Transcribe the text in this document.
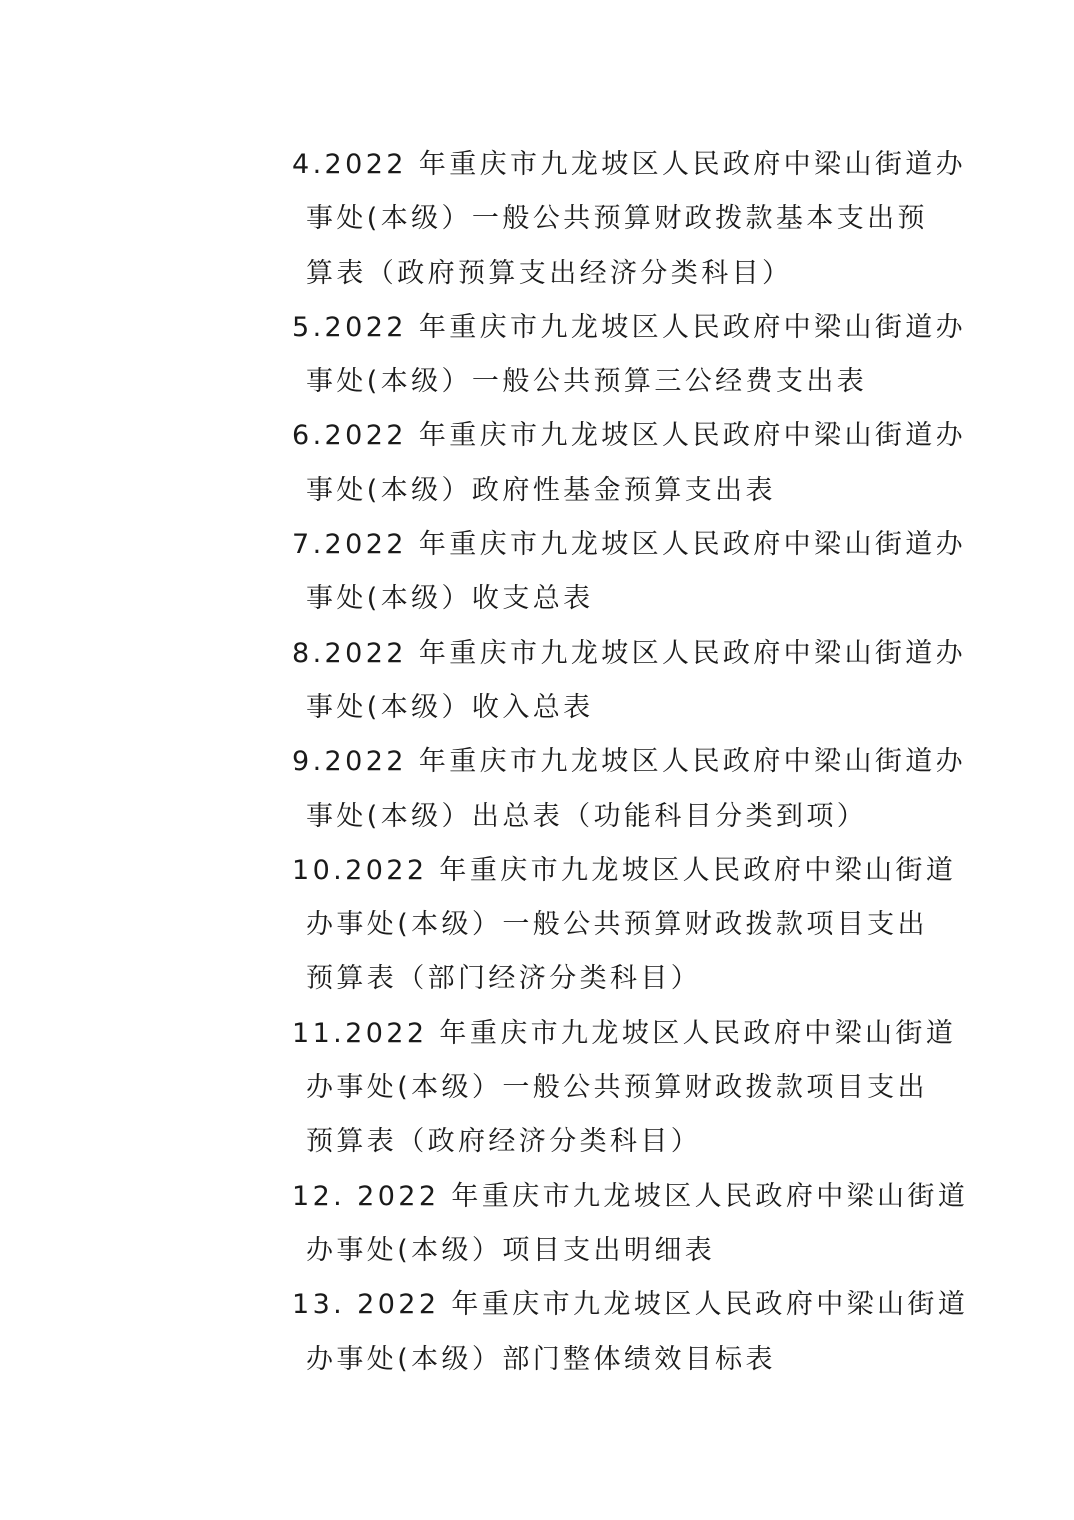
4.2022 年重庆市九龙坡区人民政府中梁山街道办
事处(本级）一般公共预算财政拨款基本支出预
算表（政府预算支出经济分类科目）
5.2022 年重庆市九龙坡区人民政府中梁山街道办
事处(本级）一般公共预算三公经费支出表
6.2022 年重庆市九龙坡区人民政府中梁山街道办
事处(本级）政府性基金预算支出表
7.2022 年重庆市九龙坡区人民政府中梁山街道办
事处(本级）收支总表
8.2022 年重庆市九龙坡区人民政府中梁山街道办
事处(本级）收入总表
9.2022 年重庆市九龙坡区人民政府中梁山街道办
事处(本级）出总表（功能科目分类到项）
10.2022 年重庆市九龙坡区人民政府中梁山街道
办事处(本级）一般公共预算财政拨款项目支出
预算表（部门经济分类科目）
11.2022 年重庆市九龙坡区人民政府中梁山街道
办事处(本级）一般公共预算财政拨款项目支出
预算表（政府经济分类科目）
12. 2022 年重庆市九龙坡区人民政府中梁山街道
办事处(本级）项目支出明细表
13. 2022 年重庆市九龙坡区人民政府中梁山街道
办事处(本级）部门整体绩效目标表
